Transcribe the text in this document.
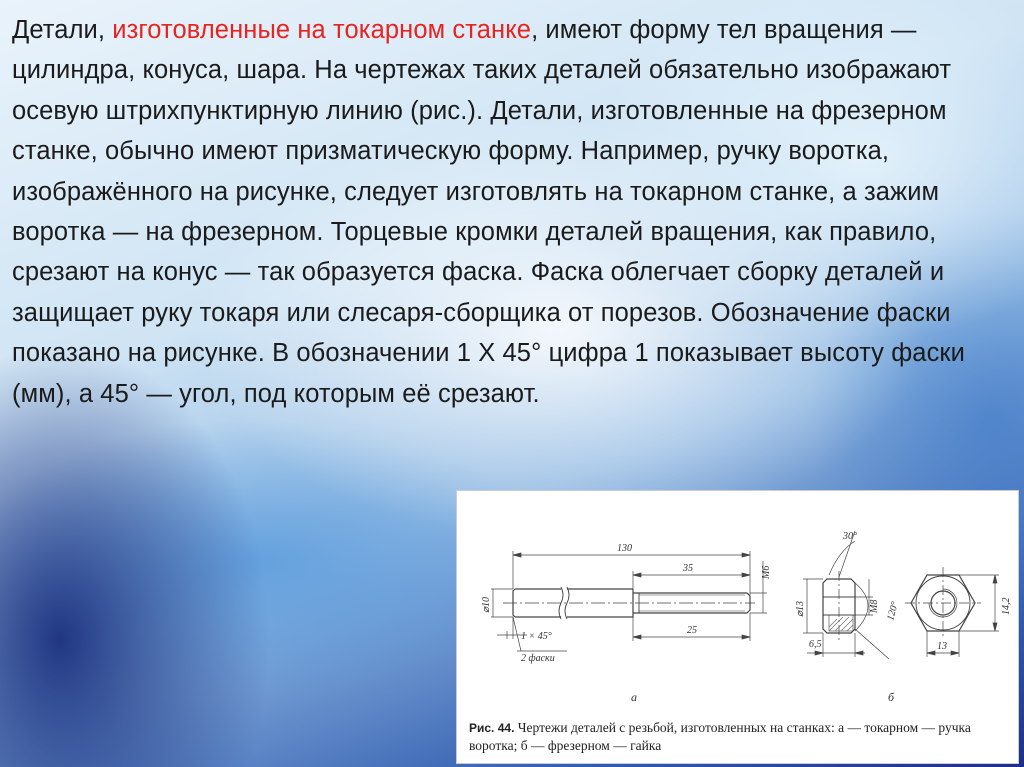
Детали, изготовленные на токарном станке, имеют форму тел вращения — цилиндра, конуса, шара. На чертежах таких деталей обязательно изображают осевую штрихпунктирную линию (рис.). Детали, изготовленные на фрезерном станке, обычно имеют призматическую форму. Например, ручку воротка, изображённого на рисунке, следует изготовлять на токарном станке, а зажим воротка — на фрезерном. Торцевые кромки деталей вращения, как правило, срезают на конус — так образуется фаска. Фаска облегчает сборку деталей и защищает руку токаря или слесаря-сборщика от порезов. Обозначение фаски показано на рисунке. В обозначении 1 Х 45° цифра 1 показывает высоту фаски (мм), а 45° — угол, под которым её срезают.
130
35	M6
⌀10
1 × 45°
2 фаски
25
а
30°
⌀13	M8 120°
6,5
б
14,2
13
Рис. 44. Чертежи деталей с резьбой, изготовленных на станках: а — токарном — ручка воротка; б — фрезерном — гайка
